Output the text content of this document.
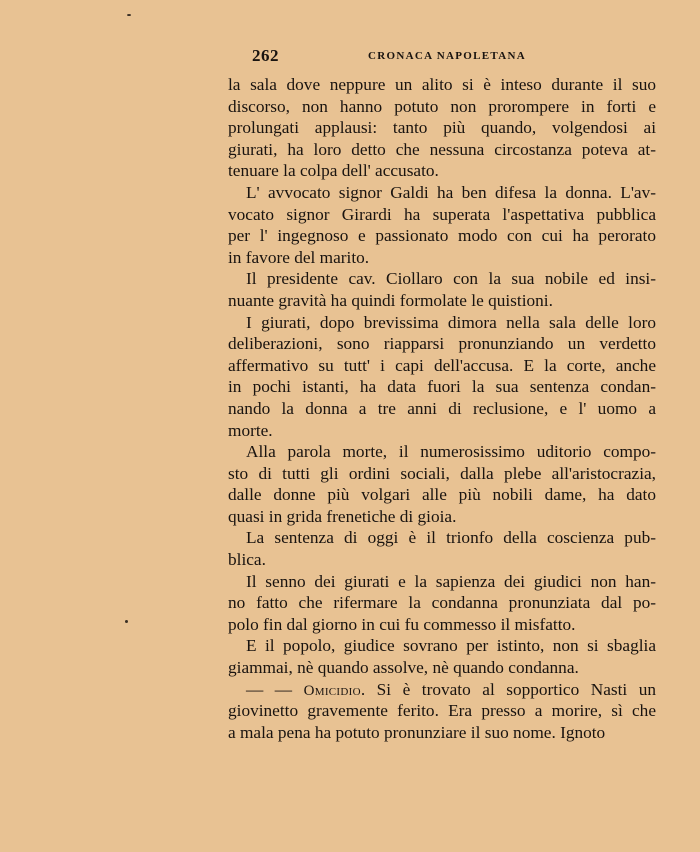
262	CRONACA NAPOLETANA
la sala dove neppure un alito si è inteso durante il suo
discorso, non hanno potuto non prorompere in forti e
prolungati applausi: tanto più quando, volgendosi ai
giurati, ha loro detto che nessuna circostanza poteva at-
tenuare la colpa dell' accusato.
L' avvocato signor Galdi ha ben difesa la donna. L'av-
vocato signor Girardi ha superata l'aspettativa pubblica
per l' ingegnoso e passionato modo con cui ha perorato
in favore del marito.
Il presidente cav. Ciollaro con la sua nobile ed insi-
nuante gravità ha quindi formolate le quistioni.
I giurati, dopo brevissima dimora nella sala delle loro
deliberazioni, sono riapparsi pronunziando un verdetto
affermativo su tutt' i capi dell'accusa. E la corte, anche
in pochi istanti, ha data fuori la sua sentenza condan-
nando la donna a tre anni di reclusione, e l' uomo a
morte.
Alla parola morte, il numerosissimo uditorio compo-
sto di tutti gli ordini sociali, dalla plebe all'aristocrazia,
dalle donne più volgari alle più nobili dame, ha dato
quasi in grida frenetiche di gioia.
La sentenza di oggi è il trionfo della coscienza pub-
blica.
Il senno dei giurati e la sapienza dei giudici non han-
no fatto che rifermare la condanna pronunziata dal po-
polo fin dal giorno in cui fu commesso il misfatto.
E il popolo, giudice sovrano per istinto, non si sbaglia
giammai, nè quando assolve, nè quando condanna.
— — Omicidio. Si è trovato al sopportico Nasti un
giovinetto gravemente ferito. Era presso a morire, sì che
a mala pena ha potuto pronunziare il suo nome. Ignoto
